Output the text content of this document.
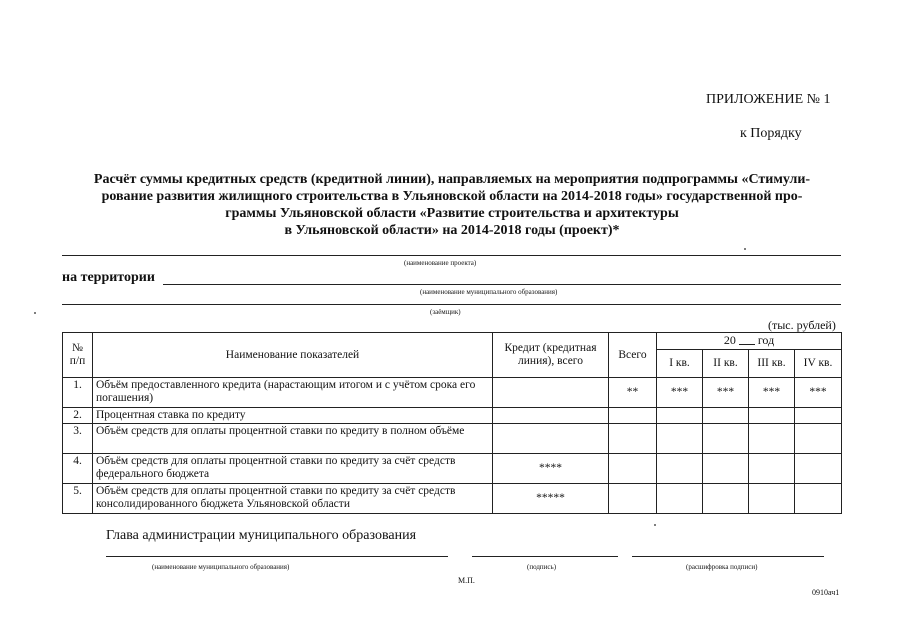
ПРИЛОЖЕНИЕ № 1
к Порядку
Расчёт суммы кредитных средств (кредитной линии), направляемых на мероприятия подпрограммы «Стимули-
рование развития жилищного строительства в Ульяновской области на 2014-2018 годы» государственной про-
граммы Ульяновской области «Развитие строительства и архитектуры
в Ульяновской области» на 2014-2018 годы (проект)*
(наименование проекта)
на территории
(наименование муниципального образования)
(заёмщик)
(тыс. рублей)
№ п/п	Наименование показателей	Кредит (кредитная линия), всего	Всего	20 год			
				I кв.	II кв.	III кв.	IV кв.
1.	Объём предоставленного кредита (нарастающим итогом и с учётом срока его погашения)		**	***	***	***	***
2.	Процентная ставка по кредиту						
3.	Объём средств для оплаты процентной ставки по кредиту в полном объёме						
4.	Объём средств для оплаты процентной ставки по кредиту за счёт средств федерального бюджета	****					
5.	Объём средств для оплаты процентной ставки по кредиту за счёт средств консолидированного бюджета Ульяновской области	*****					
Глава администрации муниципального образования
(наименование муниципального образования)	(подпись)	(расшифровка подписи)
М.П.
0910ач1
